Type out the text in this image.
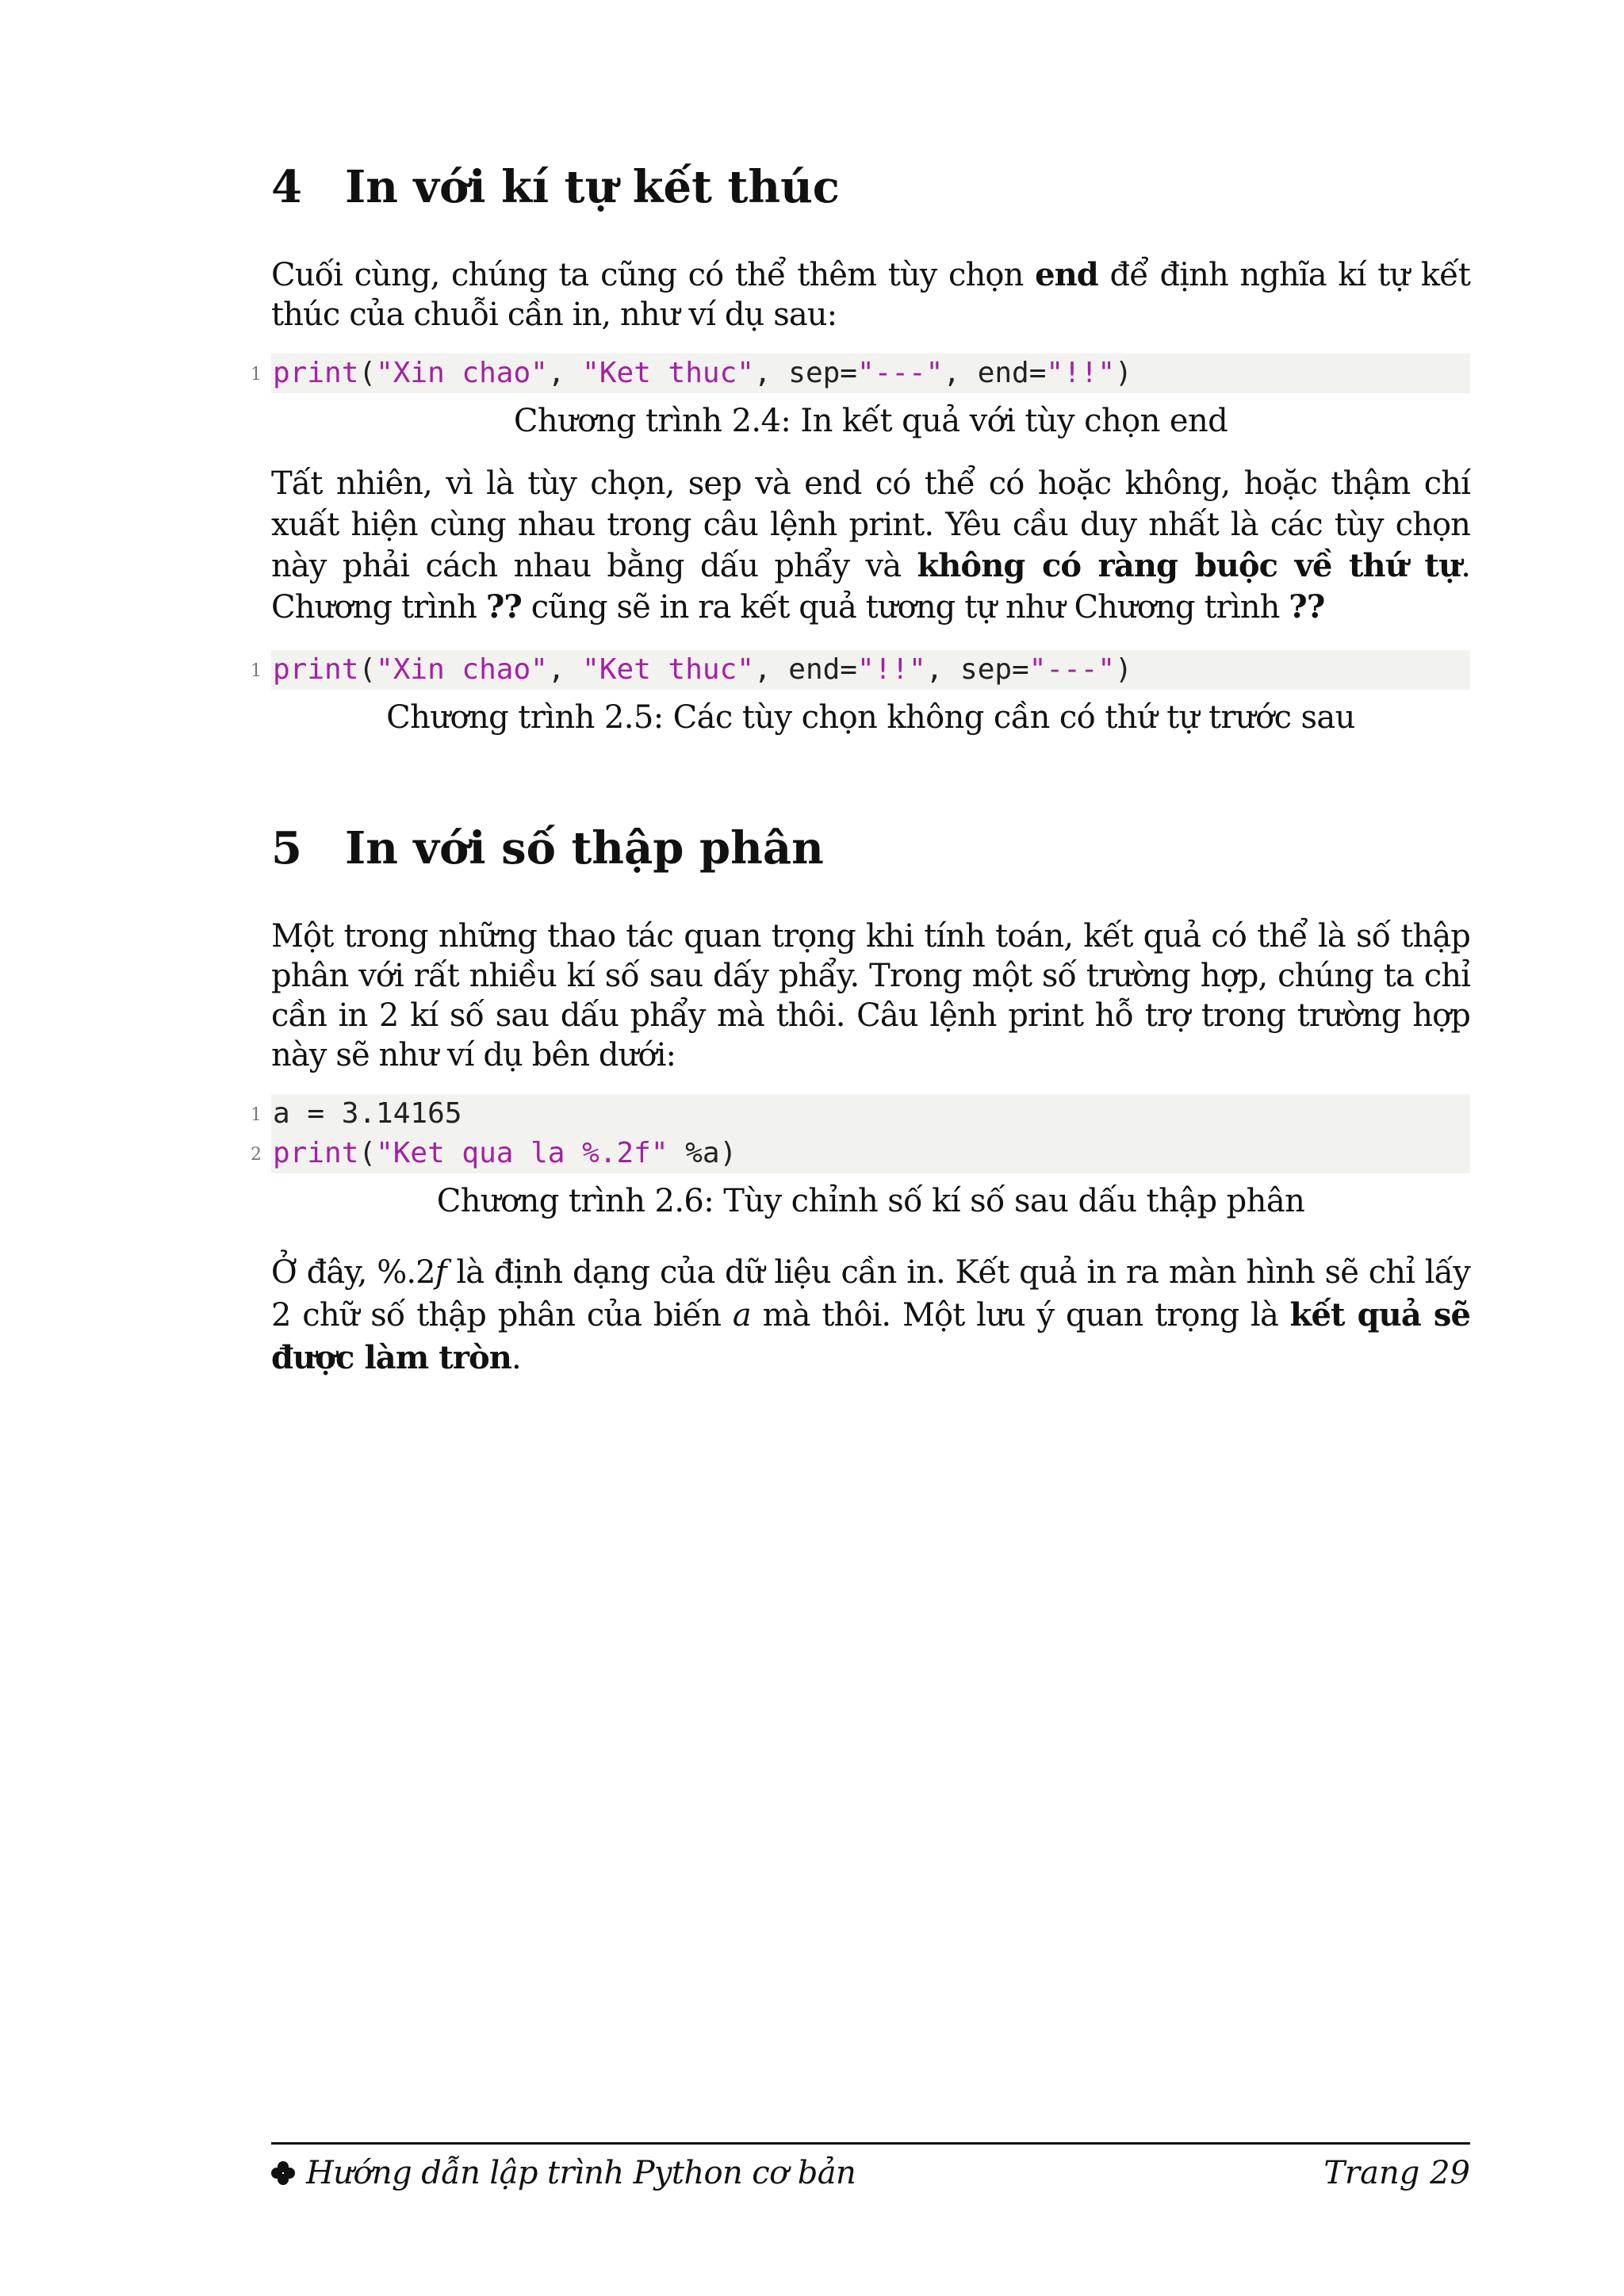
4 In với kí tự kết thúc

Cuối cùng, chúng ta cũng có thể thêm tùy chọn end để định nghĩa kí tự kết thúc của chuỗi cần in, như ví dụ sau:

1 print("Xin chao", "Ket thuc", sep="---", end="!!")

Chương trình 2.4: In kết quả với tùy chọn end

Tất nhiên, vì là tùy chọn, sep và end có thể có hoặc không, hoặc thậm chí xuất hiện cùng nhau trong câu lệnh print. Yêu cầu duy nhất là các tùy chọn này phải cách nhau bằng dấu phẩy và không có ràng buộc về thứ tự. Chương trình ?? cũng sẽ in ra kết quả tương tự như Chương trình ??

1 print("Xin chao", "Ket thuc", end="!!", sep="---")

Chương trình 2.5: Các tùy chọn không cần có thứ tự trước sau

5 In với số thập phân

Một trong những thao tác quan trọng khi tính toán, kết quả có thể là số thập phân với rất nhiều kí số sau dấy phẩy. Trong một số trường hợp, chúng ta chỉ cần in 2 kí số sau dấu phẩy mà thôi. Câu lệnh print hỗ trợ trong trường hợp này sẽ như ví dụ bên dưới:

1 a = 3.14165
2 print("Ket qua la %.2f" %a)

Chương trình 2.6: Tùy chỉnh số kí số sau dấu thập phân

Ở đây, %.2f là định dạng của dữ liệu cần in. Kết quả in ra màn hình sẽ chỉ lấy 2 chữ số thập phân của biến a mà thôi. Một lưu ý quan trọng là kết quả sẽ được làm tròn.

Hướng dẫn lập trình Python cơ bản	Trang 29
